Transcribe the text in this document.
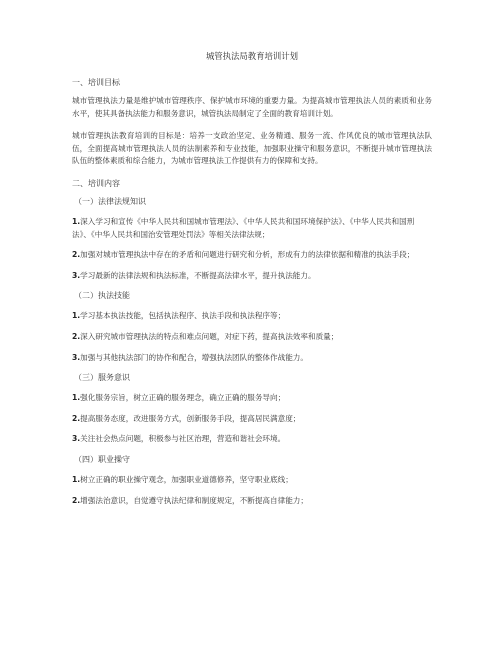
城管执法局教育培训计划
一、培训目标

城市管理执法力量是维护城市管理秩序、保护城市环境的重要力量。为提高城市管理执法人员的素质和业务水平，使其具备执法能力和服务意识，城管执法局制定了全面的教育培训计划。

城市管理执法教育培训的目标是：培养一支政治坚定、业务精通、服务一流、作风优良的城市管理执法队伍，全面提高城市管理执法人员的法制素养和专业技能，加强职业操守和服务意识，不断提升城市管理执法队伍的整体素质和综合能力，为城市管理执法工作提供有力的保障和支持。

二、培训内容
（一）法律法规知识

1.深入学习和宣传《中华人民共和国城市管理法》、《中华人民共和国环境保护法》、《中华人民共和国刑法》、《中华人民共和国治安管理处罚法》等相关法律法规；

2.加强对城市管理执法中存在的矛盾和问题进行研究和分析，形成有力的法律依据和精准的执法手段；

3.学习最新的法律法规和执法标准，不断提高法律水平，提升执法能力。

（二）执法技能

1.学习基本执法技能，包括执法程序、执法手段和执法程序等；

2.深入研究城市管理执法的特点和难点问题，对症下药，提高执法效率和质量；

3.加强与其他执法部门的协作和配合，增强执法团队的整体作战能力。

（三）服务意识

1.强化服务宗旨，树立正确的服务理念，确立正确的服务导向；

2.提高服务态度，改进服务方式，创新服务手段，提高居民满意度；

3.关注社会热点问题，积极参与社区治理，营造和谐社会环境。

（四）职业操守

1.树立正确的职业操守观念，加强职业道德修养，坚守职业底线；

2.增强法治意识，自觉遵守执法纪律和制度规定，不断提高自律能力；
